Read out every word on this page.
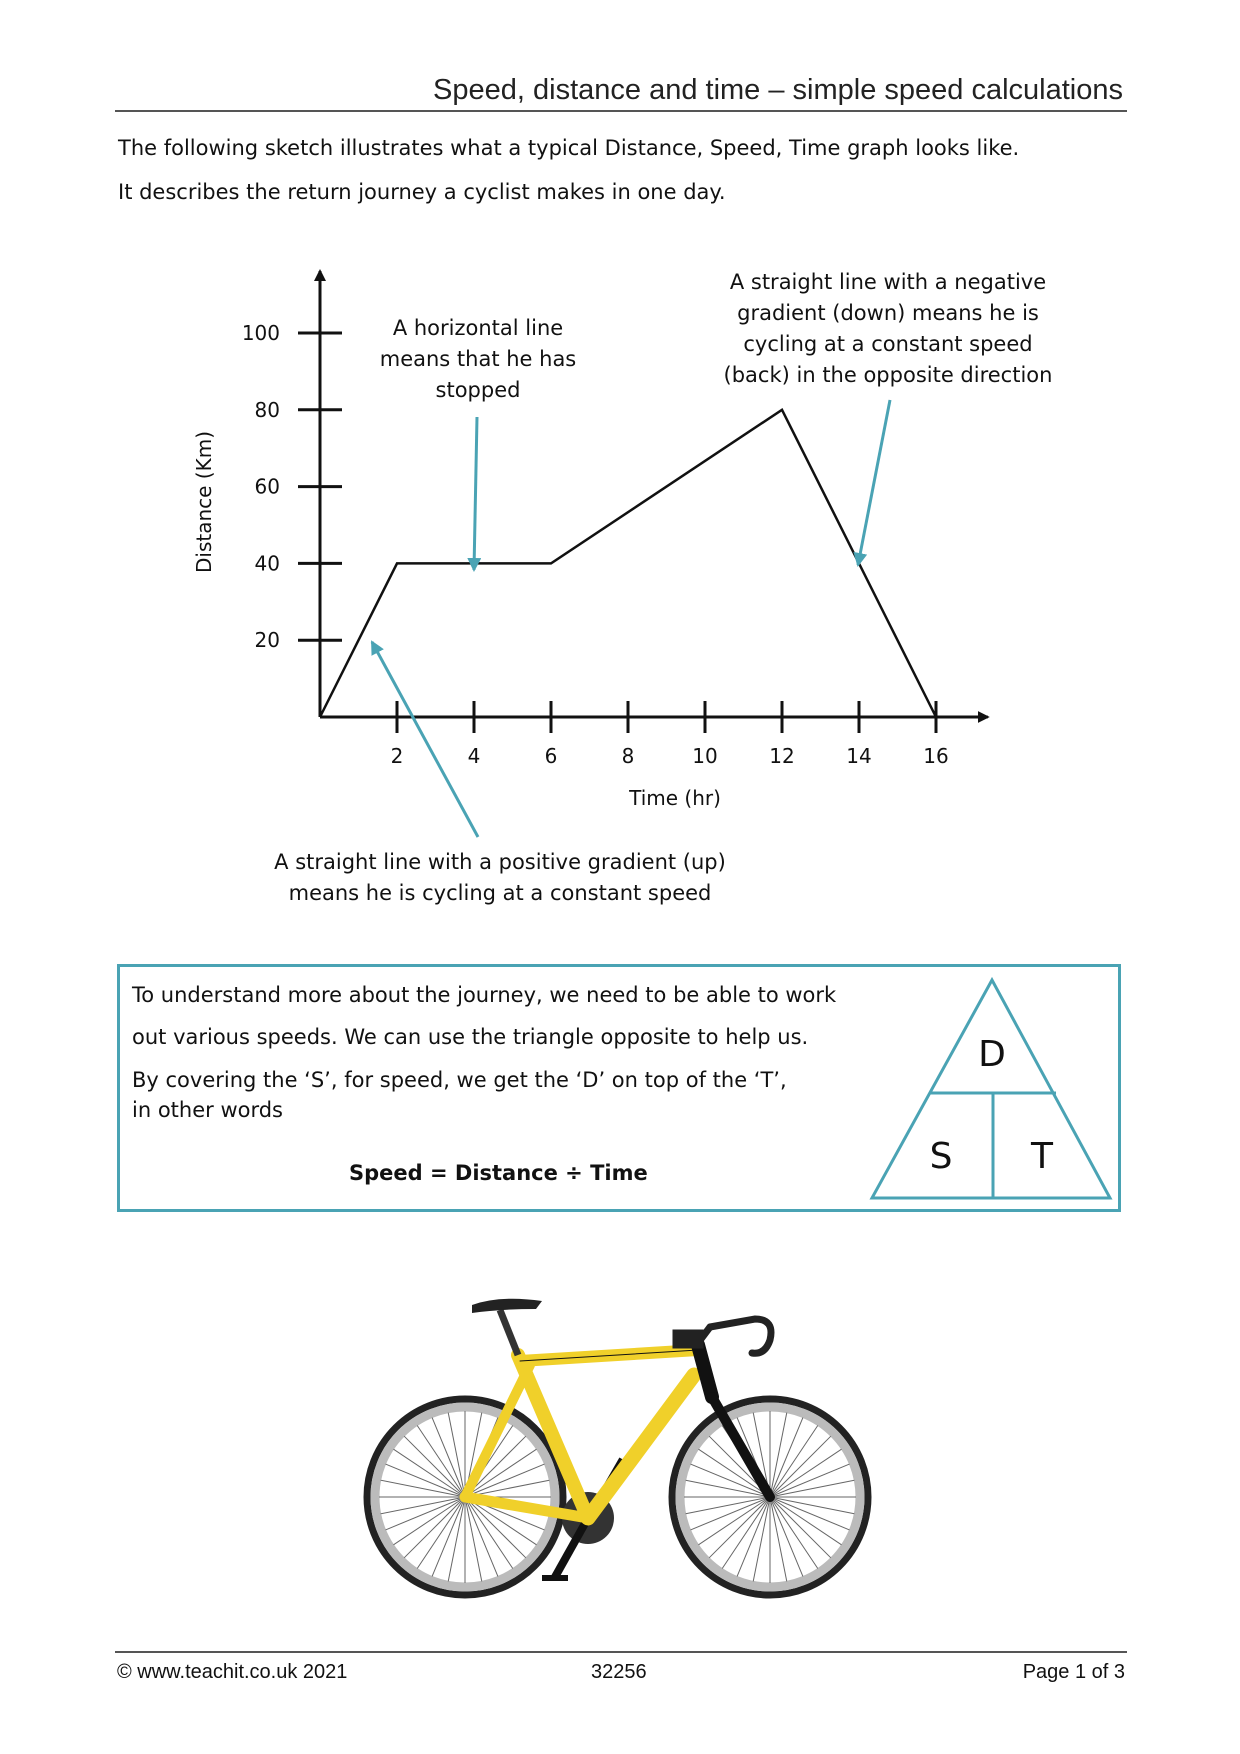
Speed, distance and time – simple speed calculations
The following sketch illustrates what a typical Distance, Speed, Time graph looks like.
It describes the return journey a cyclist makes in one day.
2	4	6	8	10	12	14	16
20
40
60
80
100
Time (hr)
Distance (Km)
A horizontal line means that he has stopped
A straight line with a negative gradient (down) means he is cycling at a constant speed (back) in the opposite direction
A straight line with a positive gradient (up) means he is cycling at a constant speed
To understand more about the journey, we need to be able to work
out various speeds. We can use the triangle opposite to help us.
By covering the ‘S’, for speed, we get the ‘D’ on top of the ‘T’,
in other words
Speed = Distance ÷ Time
D
S T
© www.teachit.co.uk 2021	32256	Page 1 of 3
